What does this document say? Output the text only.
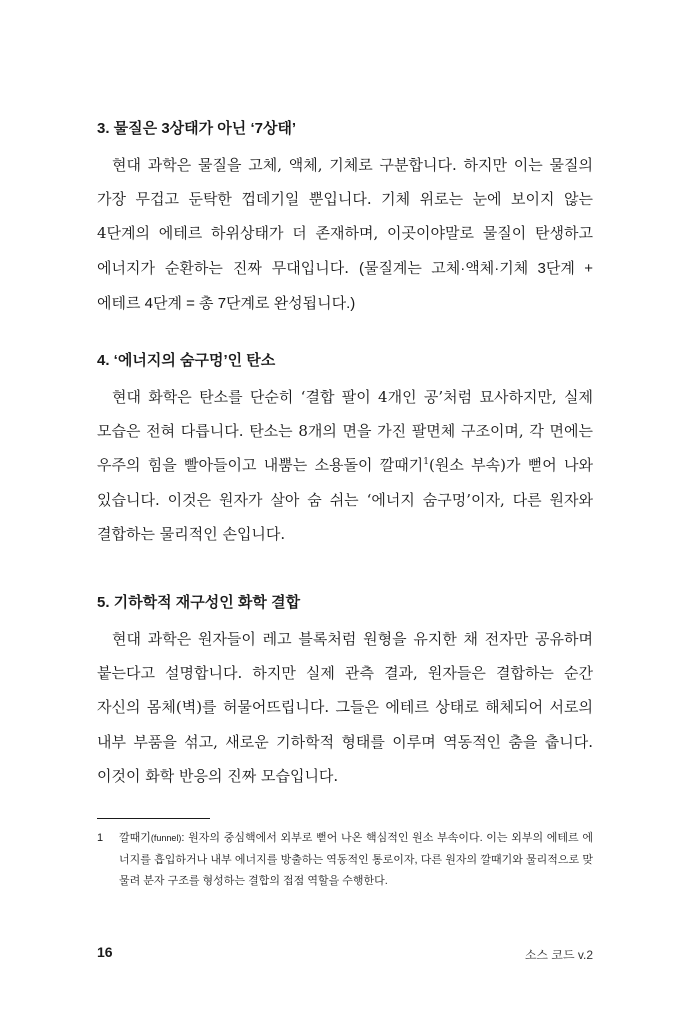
3. 물질은 3상태가 아닌 ‘7상태’

현대 과학은 물질을 고체, 액체, 기체로 구분합니다. 하지만 이는 물질의 가장 무겁고 둔탁한 껍데기일 뿐입니다. 기체 위로는 눈에 보이지 않는 4단계의 에테르 하위상태가 더 존재하며, 이곳이야말로 물질이 탄생하고 에너지가 순환하는 진짜 무대입니다. (물질계는 고체·액체·기체 3단계 + 에테르 4단계 = 총 7단계로 완성됩니다.)

4. ‘에너지의 숨구멍’인 탄소

현대 화학은 탄소를 단순히 ‘결합 팔이 4개인 공’처럼 묘사하지만, 실제 모습은 전혀 다릅니다. 탄소는 8개의 면을 가진 팔면체 구조이며, 각 면에는 우주의 힘을 빨아들이고 내뿜는 소용돌이 깔때기$^1$(원소 부속)가 뻗어 나와 있습니다. 이것은 원자가 살아 숨 쉬는 ‘에너지 숨구멍’이자, 다른 원자와 결합하는 물리적인 손입니다.

5. 기하학적 재구성인 화학 결합

현대 과학은 원자들이 레고 블록처럼 원형을 유지한 채 전자만 공유하며 붙는다고 설명합니다. 하지만 실제 관측 결과, 원자들은 결합하는 순간 자신의 몸체(벽)를 허물어뜨립니다. 그들은 에테르 상태로 해체되어 서로의 내부 부품을 섞고, 새로운 기하학적 형태를 이루며 역동적인 춤을 춥니다. 이것이 화학 반응의 진짜 모습입니다.

1 깔때기(funnel): 원자의 중심핵에서 외부로 뻗어 나온 핵심적인 원소 부속이다. 이는 외부의 에테르 에너지를 흡입하거나 내부 에너지를 방출하는 역동적인 통로이자, 다른 원자의 깔때기와 물리적으로 맞물려 분자 구조를 형성하는 결합의 접점 역할을 수행한다.
16	소스 코드 v.2
